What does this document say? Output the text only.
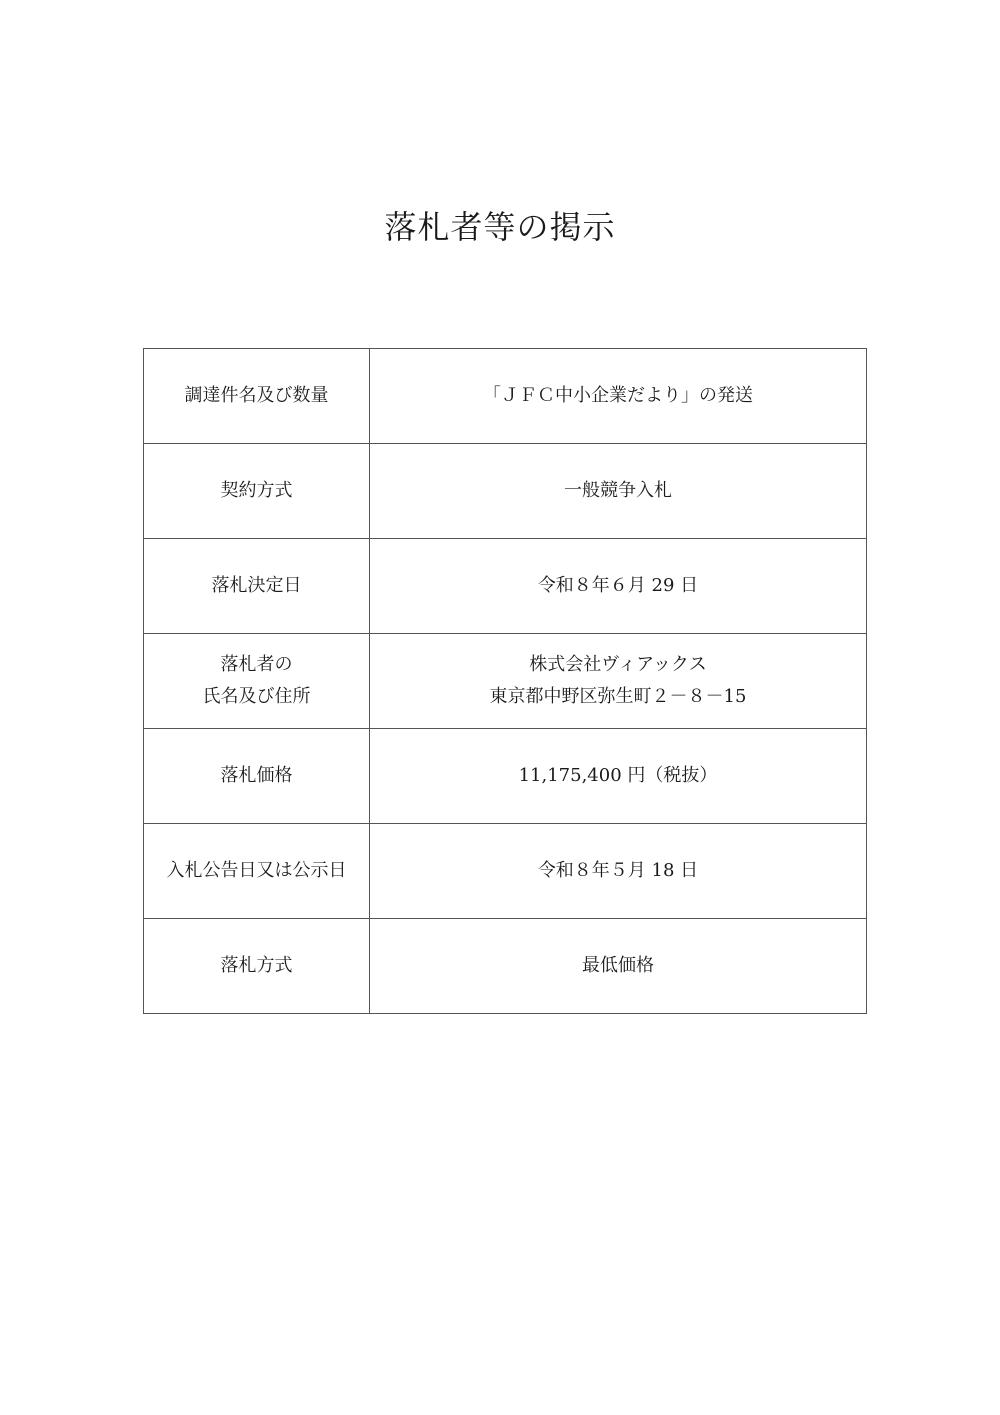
落札者等の掲示
調達件名及び数量	「ＪＦＣ中小企業だより」の発送

契約方式	一般競争入札

落札決定日	令和８年６月 29 日

落札者の
氏名及び住所	株式会社ヴィアックス
東京都中野区弥生町２－８－15

落札価格	11,175,400 円（税抜）

入札公告日又は公示日	令和８年５月 18 日

落札方式	最低価格
